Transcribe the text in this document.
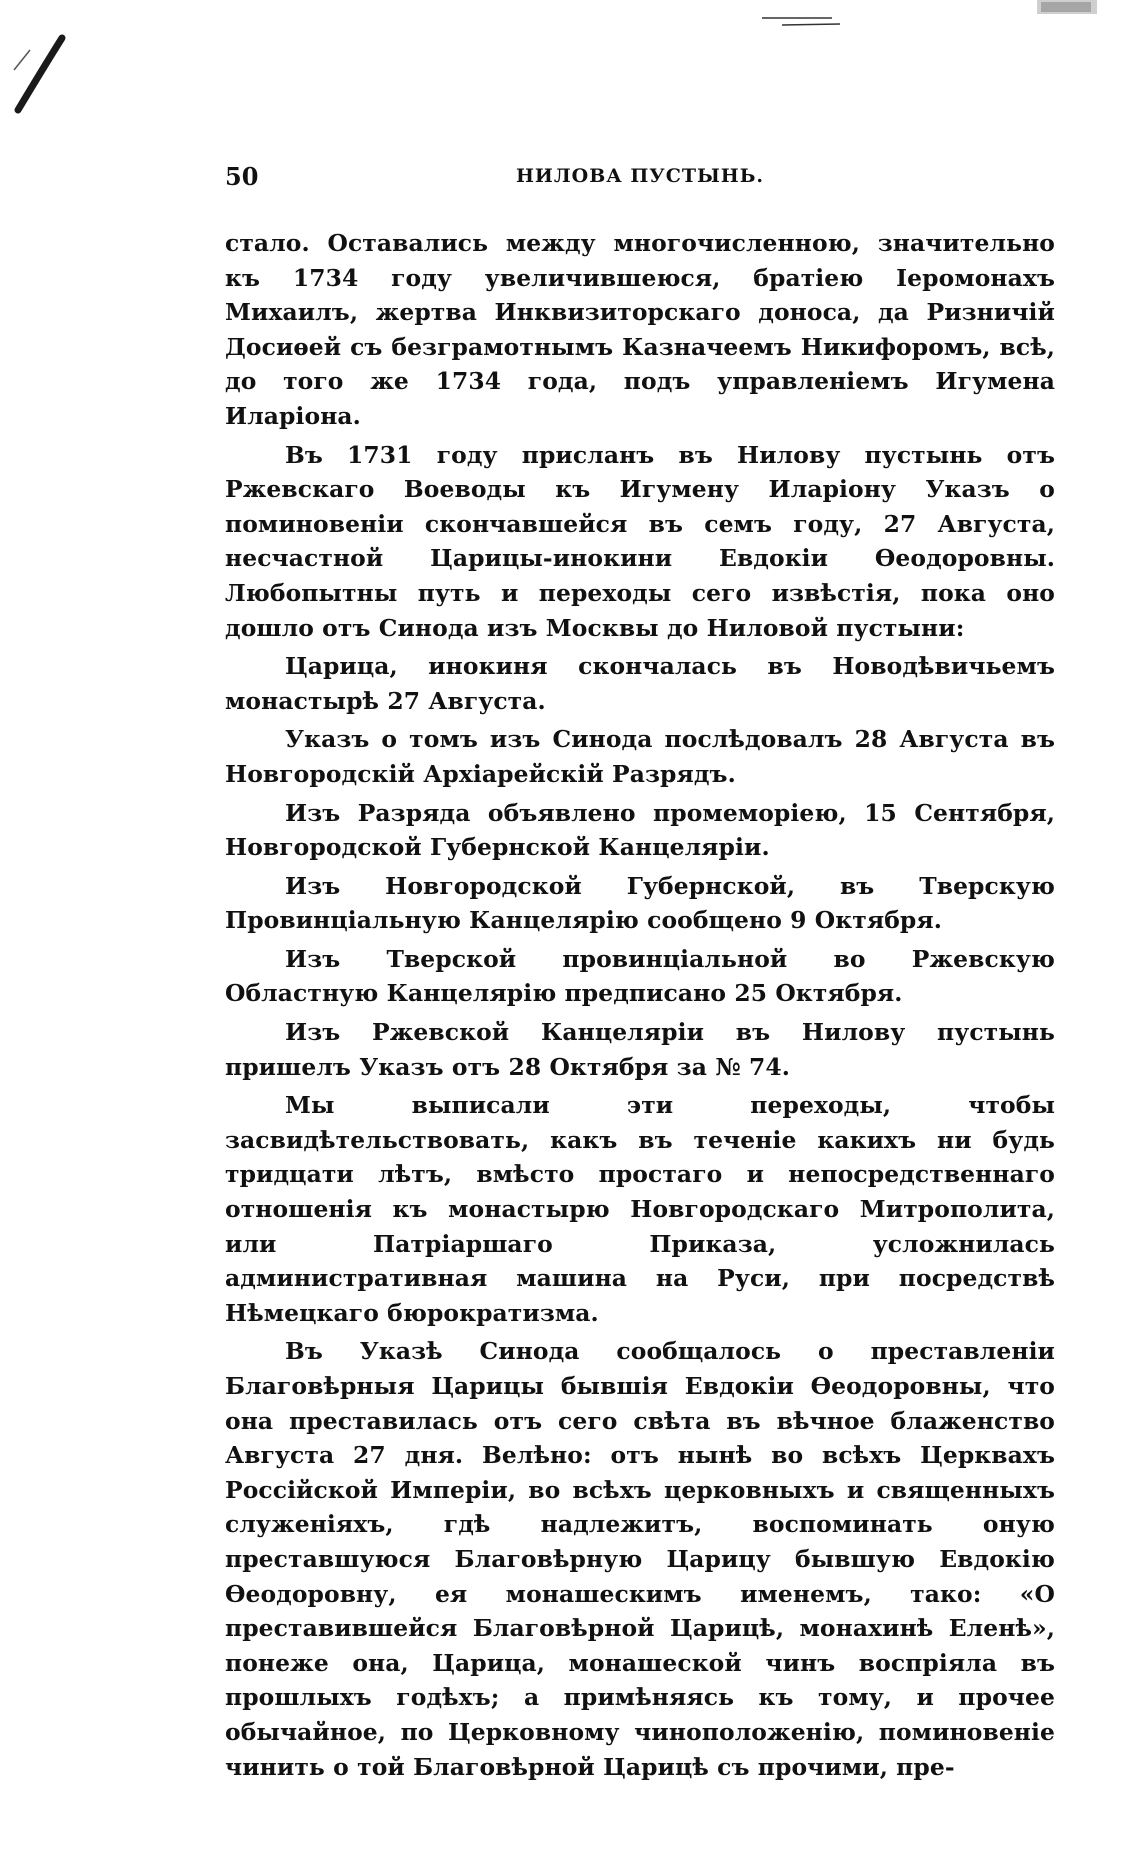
50	НИЛОВА ПУСТЫНЬ.

стало. Оставались между многочисленною, значительно къ 1734 году увеличившеюся, братіею Іеромонахъ Михаилъ, жертва Инквизиторскаго доноса, да Ризничій Досиѳей съ безграмотнымъ Казначеемъ Никифоромъ, всѣ, до того же 1734 года, подъ управленіемъ Игумена Иларіона.

Въ 1731 году присланъ въ Нилову пустынь отъ Ржевскаго Воеводы къ Игумену Иларіону Указъ о поминовеніи скончавшейся въ семъ году, 27 Августа, несчастной Царицы-инокини Евдокіи Ѳеодоровны. Любопытны путь и переходы сего извѣстія, пока оно дошло отъ Синода изъ Москвы до Ниловой пустыни:

Царица, инокиня скончалась въ Новодѣвичьемъ монастырѣ 27 Августа.

Указъ о томъ изъ Синода послѣдовалъ 28 Августа въ Новгородскій Архіарейскій Разрядъ.

Изъ Разряда объявлено промеморіею, 15 Сентября, Новгородской Губернской Канцеляріи.

Изъ Новгородской Губернской, въ Тверскую Провинціальную Канцелярію сообщено 9 Октября.

Изъ Тверской провинціальной во Ржевскую Областную Канцелярію предписано 25 Октября.

Изъ Ржевской Канцеляріи въ Нилову пустынь пришелъ Указъ отъ 28 Октября за № 74.

Мы выписали эти переходы, чтобы засвидѣтельствовать, какъ въ теченіе какихъ ни будь тридцати лѣтъ, вмѣсто простаго и непосредственнаго отношенія къ монастырю Новгородскаго Митрополита, или Патріаршаго Приказа, усложнилась административная машина на Руси, при посредствѣ Нѣмецкаго бюрократизма.

Въ Указѣ Синода сообщалось о преставленіи Благовѣрныя Царицы бывшія Евдокіи Ѳеодоровны, что она преставилась отъ сего свѣта въ вѣчное блаженство Августа 27 дня. Велѣно: отъ нынѣ во всѣхъ Церквахъ Россійской Имперіи, во всѣхъ церковныхъ и священныхъ служеніяхъ, гдѣ надлежитъ, воспоминать оную преставшуюся Благовѣрную Царицу бывшую Евдокію Ѳеодоровну, ея монашескимъ именемъ, тако: «О преставившейся Благовѣрной Царицѣ, монахинѣ Еленѣ», понеже она, Царица, монашеской чинъ воспріяла въ прошлыхъ годѣхъ; а примѣняясь къ тому, и прочее обычайное, по Церковному чиноположенію, поминовеніе чинить о той Благовѣрной Царицѣ съ прочими, пре-
